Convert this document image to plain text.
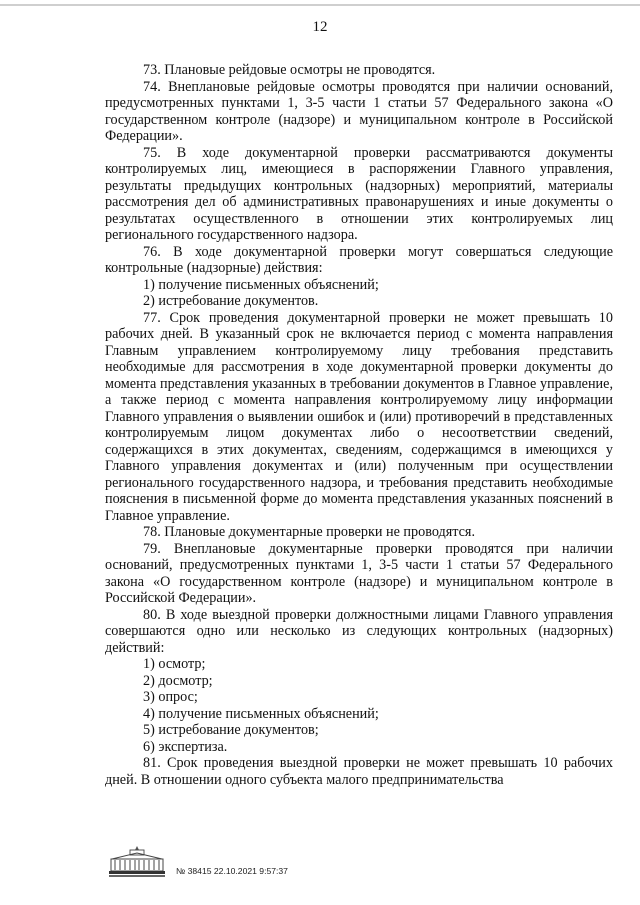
12

73. Плановые рейдовые осмотры не проводятся.

74. Внеплановые рейдовые осмотры проводятся при наличии оснований, предусмотренных пунктами 1, 3-5 части 1 статьи 57 Федерального закона «О государственном контроле (надзоре) и муниципальном контроле в Российской Федерации».

75. В ходе документарной проверки рассматриваются документы контролируемых лиц, имеющиеся в распоряжении Главного управления, результаты предыдущих контрольных (надзорных) мероприятий, материалы рассмотрения дел об административных правонарушениях и иные документы о результатах осуществленного в отношении этих контролируемых лиц регионального государственного надзора.

76. В ходе документарной проверки могут совершаться следующие контрольные (надзорные) действия:

1) получение письменных объяснений;

2) истребование документов.

77. Срок проведения документарной проверки не может превышать 10 рабочих дней. В указанный срок не включается период с момента направления Главным управлением контролируемому лицу требования представить необходимые для рассмотрения в ходе документарной проверки документы до момента представления указанных в требовании документов в Главное управление, а также период с момента направления контролируемому лицу информации Главного управления о выявлении ошибок и (или) противоречий в представленных контролируемым лицом документах либо о несоответствии сведений, содержащихся в этих документах, сведениям, содержащимся в имеющихся у Главного управления документах и (или) полученным при осуществлении регионального государственного надзора, и требования представить необходимые пояснения в письменной форме до момента представления указанных пояснений в Главное управление.

78. Плановые документарные проверки не проводятся.

79. Внеплановые документарные проверки проводятся при наличии оснований, предусмотренных пунктами 1, 3-5 части 1 статьи 57 Федерального закона «О государственном контроле (надзоре) и муниципальном контроле в Российской Федерации».

80. В ходе выездной проверки должностными лицами Главного управления совершаются одно или несколько из следующих контрольных (надзорных) действий:

1) осмотр;

2) досмотр;

3) опрос;

4) получение письменных объяснений;

5) истребование документов;

6) экспертиза.

81. Срок проведения выездной проверки не может превышать 10 рабочих дней. В отношении одного субъекта малого предпринимательства

№ 38415 22.10.2021 9:57:37
